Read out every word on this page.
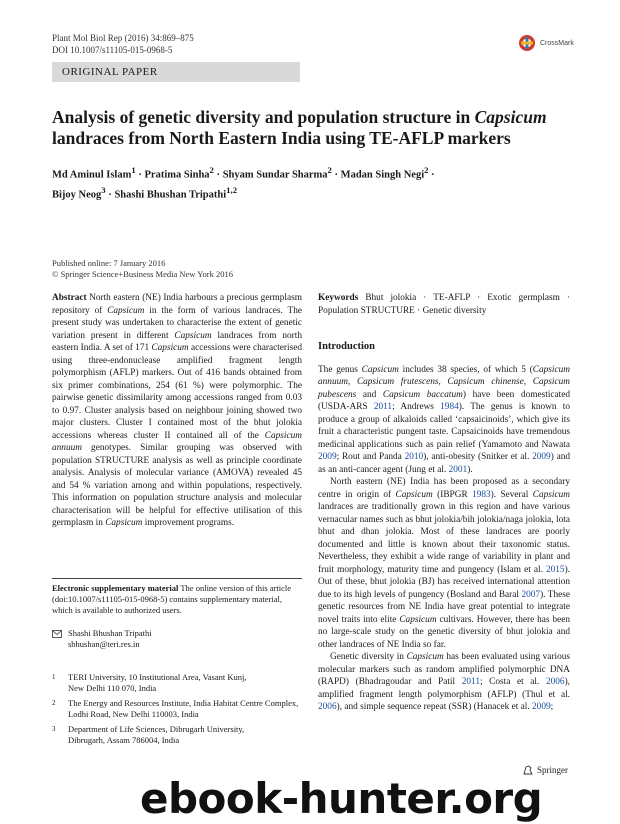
Plant Mol Biol Rep (2016) 34:869–875
DOI 10.1007/s11105-015-0968-5
CrossMark
ORIGINAL PAPER
Analysis of genetic diversity and population structure in Capsicum landraces from North Eastern India using TE-AFLP markers
Md Aminul Islam$^1$ · Pratima Sinha$^2$ · Shyam Sundar Sharma$^2$ · Madan Singh Negi$^2$ ·
Bijoy Neog$^3$ · Shashi Bhushan Tripathi$^{1,2}$
Published online: 7 January 2016
© Springer Science+Business Media New York 2016
Abstract North eastern (NE) India harbours a precious germplasm repository of Capsicum in the form of various landraces. The present study was undertaken to characterise the extent of genetic variation present in different Capsicum landraces from north eastern India. A set of 171 Capsicum accessions were characterised using three-endonuclease amplified fragment length polymorphism (AFLP) markers. Out of 416 bands obtained from six primer combinations, 254 (61 %) were polymorphic. The pairwise genetic dissimilarity among accessions ranged from 0.03 to 0.97. Cluster analysis based on neighbour joining showed two major clusters. Cluster I contained most of the bhut jolokia accessions whereas cluster II contained all of the Capsicum annuum genotypes. Similar grouping was observed with population STRUCTURE analysis as well as principle coordinate analysis. Analysis of molecular variance (AMOVA) revealed 45 and 54 % variation among and within populations, respectively. This information on population structure analysis and molecular characterisation will be helpful for effective utilisation of this germplasm in Capsicum improvement programs.
Electronic supplementary material The online version of this article (doi:10.1007/s11105-015-0968-5) contains supplementary material, which is available to authorized users.
Shashi Bhushan Tripathi
sbhushan@teri.res.in
1 TERI University, 10 Institutional Area, Vasant Kunj,
New Delhi 110 070, India
2 The Energy and Resources Institute, India Habitat Centre Complex,
Lodhi Road, New Delhi 110003, India
3 Department of Life Sciences, Dibrugarh University,
Dibrugarh, Assam 786004, India

Keywords Bhut jolokia · TE-AFLP · Exotic germplasm · Population STRUCTURE · Genetic diversity

Introduction

The genus Capsicum includes 38 species, of which 5 (Capsicum annuum, Capsicum frutescens, Capsicum chinense, Capsicum pubescens and Capsicum baccatum) have been domesticated (USDA-ARS 2011; Andrews 1984). The genus is known to produce a group of alkaloids called ‘capsaicinoids’, which give its fruit a characteristic pungent taste. Capsaicinoids have tremendous medicinal applications such as pain relief (Yamamoto and Nawata 2009; Rout and Panda 2010), anti-obesity (Snitker et al. 2009) and as an anti-cancer agent (Jung et al. 2001).

North eastern (NE) India has been proposed as a secondary centre in origin of Capsicum (IBPGR 1983). Several Capsicum landraces are traditionally grown in this region and have various vernacular names such as bhut jolokia/bih jolokia/naga jolokia, lota bhut and dhan jolokia. Most of these landraces are poorly documented and little is known about their taxonomic status. Nevertheless, they exhibit a wide range of variability in plant and fruit morphology, maturity time and pungency (Islam et al. 2015). Out of these, bhut jolokia (BJ) has received international attention due to its high levels of pungency (Bosland and Baral 2007). These genetic resources from NE India have great potential to integrate novel traits into elite Capsicum cultivars. However, there has been no large-scale study on the genetic diversity of bhut jolokia and other landraces of NE India so far.

Genetic diversity in Capsicum has been evaluated using various molecular markers such as random amplified polymorphic DNA (RAPD) (Bhadragoudar and Patil 2011; Costa et al. 2006), amplified fragment length polymorphism (AFLP) (Thul et al. 2006), and simple sequence repeat (SSR) (Hanacek et al. 2009;

Springer
ebook-hunter.org
